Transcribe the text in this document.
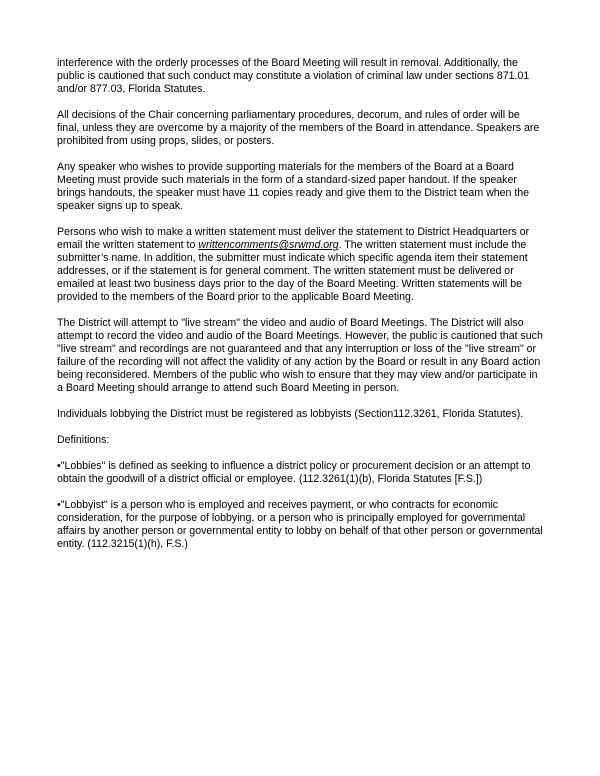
interference with the orderly processes of the Board Meeting will result in removal. Additionally, the public is cautioned that such conduct may constitute a violation of criminal law under sections 871.01 and/or 877.03, Florida Statutes.

All decisions of the Chair concerning parliamentary procedures, decorum, and rules of order will be final, unless they are overcome by a majority of the members of the Board in attendance. Speakers are prohibited from using props, slides, or posters.

Any speaker who wishes to provide supporting materials for the members of the Board at a Board Meeting must provide such materials in the form of a standard-sized paper handout. If the speaker brings handouts, the speaker must have 11 copies ready and give them to the District team when the speaker signs up to speak.

Persons who wish to make a written statement must deliver the statement to District Headquarters or email the written statement to writtencomments@srwmd.org. The written statement must include the submitter’s name. In addition, the submitter must indicate which specific agenda item their statement addresses, or if the statement is for general comment. The written statement must be delivered or emailed at least two business days prior to the day of the Board Meeting. Written statements will be provided to the members of the Board prior to the applicable Board Meeting.

The District will attempt to "live stream" the video and audio of Board Meetings. The District will also attempt to record the video and audio of the Board Meetings. However, the public is cautioned that such "live stream" and recordings are not guaranteed and that any interruption or loss of the "live stream" or failure of the recording will not affect the validity of any action by the Board or result in any Board action being reconsidered. Members of the public who wish to ensure that they may view and/or participate in a Board Meeting should arrange to attend such Board Meeting in person.

Individuals lobbying the District must be registered as lobbyists (Section112.3261, Florida Statutes).

Definitions:

•"Lobbies" is defined as seeking to influence a district policy or procurement decision or an attempt to obtain the goodwill of a district official or employee. (112.3261(1)(b), Florida Statutes [F.S.])

•"Lobbyist" is a person who is employed and receives payment, or who contracts for economic consideration, for the purpose of lobbying, or a person who is principally employed for governmental affairs by another person or governmental entity to lobby on behalf of that other person or governmental entity. (112.3215(1)(h), F.S.)
